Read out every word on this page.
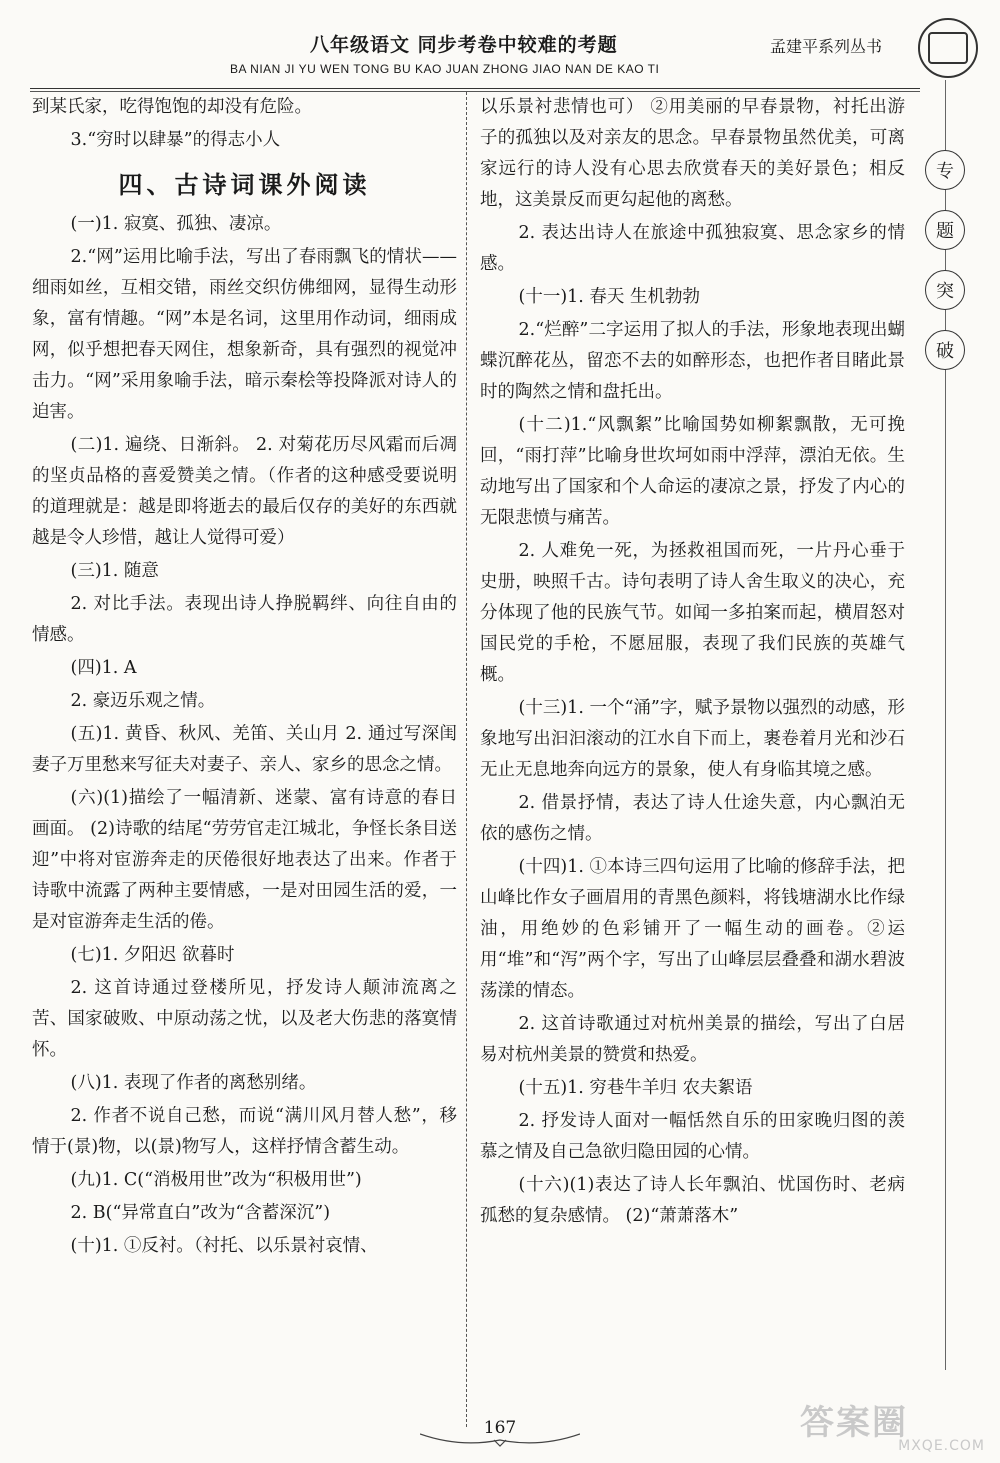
八年级语文 同步考卷中较难的考题	孟建平系列丛书
BA NIAN JI YU WEN TONG BU KAO JUAN ZHONG JIAO NAN DE KAO TI
专
题
突
破

到某氏家，吃得饱饱的却没有危险。

3.“穷时以肆暴”的得志小人

四、古诗词课外阅读

(一)1. 寂寞、孤独、凄凉。

2.“网”运用比喻手法，写出了春雨飘飞的情状——细雨如丝，互相交错，雨丝交织仿佛细网，显得生动形象，富有情趣。“网”本是名词，这里用作动词，细雨成网，似乎想把春天网住，想象新奇，具有强烈的视觉冲击力。“网”采用象喻手法，暗示秦桧等投降派对诗人的迫害。

(二)1. 遍绕、日渐斜。 2. 对菊花历尽风霜而后凋的坚贞品格的喜爱赞美之情。（作者的这种感受要说明的道理就是：越是即将逝去的最后仅存的美好的东西就越是令人珍惜，越让人觉得可爱）

(三)1. 随意

2. 对比手法。表现出诗人挣脱羁绊、向往自由的情感。

(四)1. A

2. 豪迈乐观之情。

(五)1. 黄昏、秋风、羌笛、关山月 2. 通过写深闺妻子万里愁来写征夫对妻子、亲人、家乡的思念之情。

(六)(1)描绘了一幅清新、迷蒙、富有诗意的春日画面。 (2)诗歌的结尾“劳劳官走江城北，争怪长条目送迎”中将对宦游奔走的厌倦很好地表达了出来。作者于诗歌中流露了两种主要情感，一是对田园生活的爱，一是对宦游奔走生活的倦。

(七)1. 夕阳迟 欲暮时

2. 这首诗通过登楼所见，抒发诗人颠沛流离之苦、国家破败、中原动荡之忧，以及老大伤悲的落寞情怀。

(八)1. 表现了作者的离愁别绪。

2. 作者不说自己愁，而说“满川风月替人愁”，移情于(景)物，以(景)物写人，这样抒情含蓄生动。

(九)1. C(“消极用世”改为“积极用世”)

2. B(“异常直白”改为“含蓄深沉”)

(十)1. ①反衬。（衬托、以乐景衬哀情、

以乐景衬悲情也可） ②用美丽的早春景物，衬托出游子的孤独以及对亲友的思念。早春景物虽然优美，可离家远行的诗人没有心思去欣赏春天的美好景色；相反地，这美景反而更勾起他的离愁。

2. 表达出诗人在旅途中孤独寂寞、思念家乡的情感。

(十一)1. 春天 生机勃勃

2.“烂醉”二字运用了拟人的手法，形象地表现出蝴蝶沉醉花丛，留恋不去的如醉形态，也把作者目睹此景时的陶然之情和盘托出。

(十二)1.“风飘絮”比喻国势如柳絮飘散，无可挽回，“雨打萍”比喻身世坎坷如雨中浮萍，漂泊无依。生动地写出了国家和个人命运的凄凉之景，抒发了内心的无限悲愤与痛苦。

2. 人难免一死，为拯救祖国而死，一片丹心垂于史册，映照千古。诗句表明了诗人舍生取义的决心，充分体现了他的民族气节。如闻一多拍案而起，横眉怒对国民党的手枪，不愿屈服，表现了我们民族的英雄气概。

(十三)1. 一个“涌”字，赋予景物以强烈的动感，形象地写出汩汩滚动的江水自下而上，裹卷着月光和沙石无止无息地奔向远方的景象，使人有身临其境之感。

2. 借景抒情，表达了诗人仕途失意，内心飘泊无依的感伤之情。

(十四)1. ①本诗三四句运用了比喻的修辞手法，把山峰比作女子画眉用的青黑色颜料，将钱塘湖水比作绿油，用绝妙的色彩铺开了一幅生动的画卷。②运用“堆”和“泻”两个字，写出了山峰层层叠叠和湖水碧波荡漾的情态。

2. 这首诗歌通过对杭州美景的描绘，写出了白居易对杭州美景的赞赏和热爱。

(十五)1. 穷巷牛羊归 农夫絮语

2. 抒发诗人面对一幅恬然自乐的田家晚归图的羡慕之情及自己急欲归隐田园的心情。

(十六)(1)表达了诗人长年飘泊、忧国伤时、老病孤愁的复杂感情。 (2)“萧萧落木”

167	答案圈
MXQE.COM
